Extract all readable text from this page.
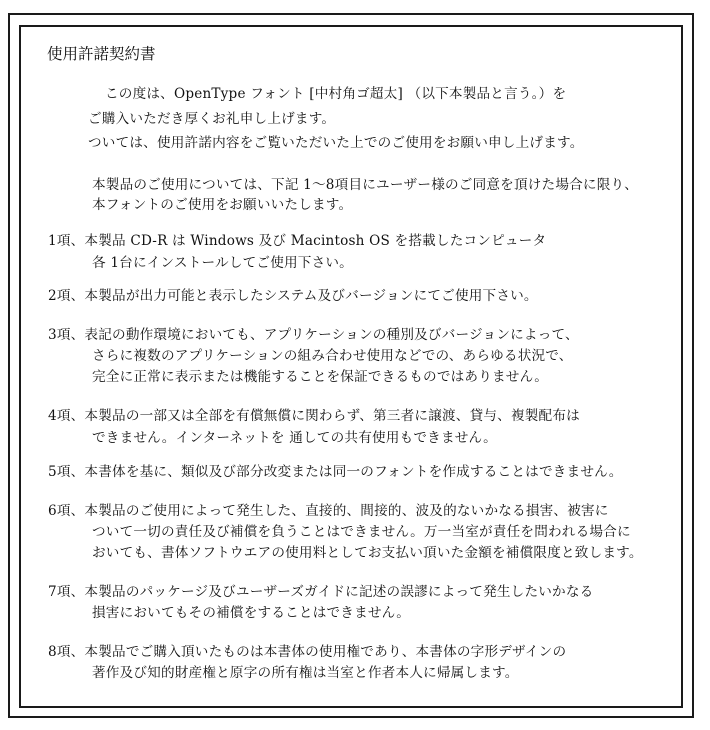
使用許諾契約書
この度は、OpenType フォント [中村角ゴ超太] （以下本製品と言う。）を
ご購入いただき厚くお礼申し上げます。
ついては、使用許諾内容をご覧いただいた上でのご使用をお願い申し上げます。
本製品のご使用については、下記 1～8項目にユーザー様のご同意を頂けた場合に限り、
本フォントのご使用をお願いいたします。
1項、本製品 CD-R は Windows 及び Macintosh OS を搭載したコンピュータ
各 1台にインストールしてご使用下さい。
2項、本製品が出力可能と表示したシステム及びバージョンにてご使用下さい。
3項、表記の動作環境においても、アプリケーションの種別及びバージョンによって、
さらに複数のアプリケーションの組み合わせ使用などでの、あらゆる状況で、
完全に正常に表示または機能することを保証できるものではありません。
4項、本製品の一部又は全部を有償無償に関わらず、第三者に譲渡、貸与、複製配布は
できません。インターネットを 通しての共有使用もできません。
5項、本書体を基に、類似及び部分改変または同一のフォントを作成することはできません。
6項、本製品のご使用によって発生した、直接的、間接的、波及的ないかなる損害、被害に
ついて一切の責任及び補償を負うことはできません。万一当室が責任を問われる場合に
おいても、書体ソフトウエアの使用料としてお支払い頂いた金額を補償限度と致します。
7項、本製品のパッケージ及びユーザーズガイドに記述の誤謬によって発生したいかなる
損害においてもその補償をすることはできません。
8項、本製品でご購入頂いたものは本書体の使用権であり、本書体の字形デザインの
著作及び知的財産権と原字の所有権は当室と作者本人に帰属します。
